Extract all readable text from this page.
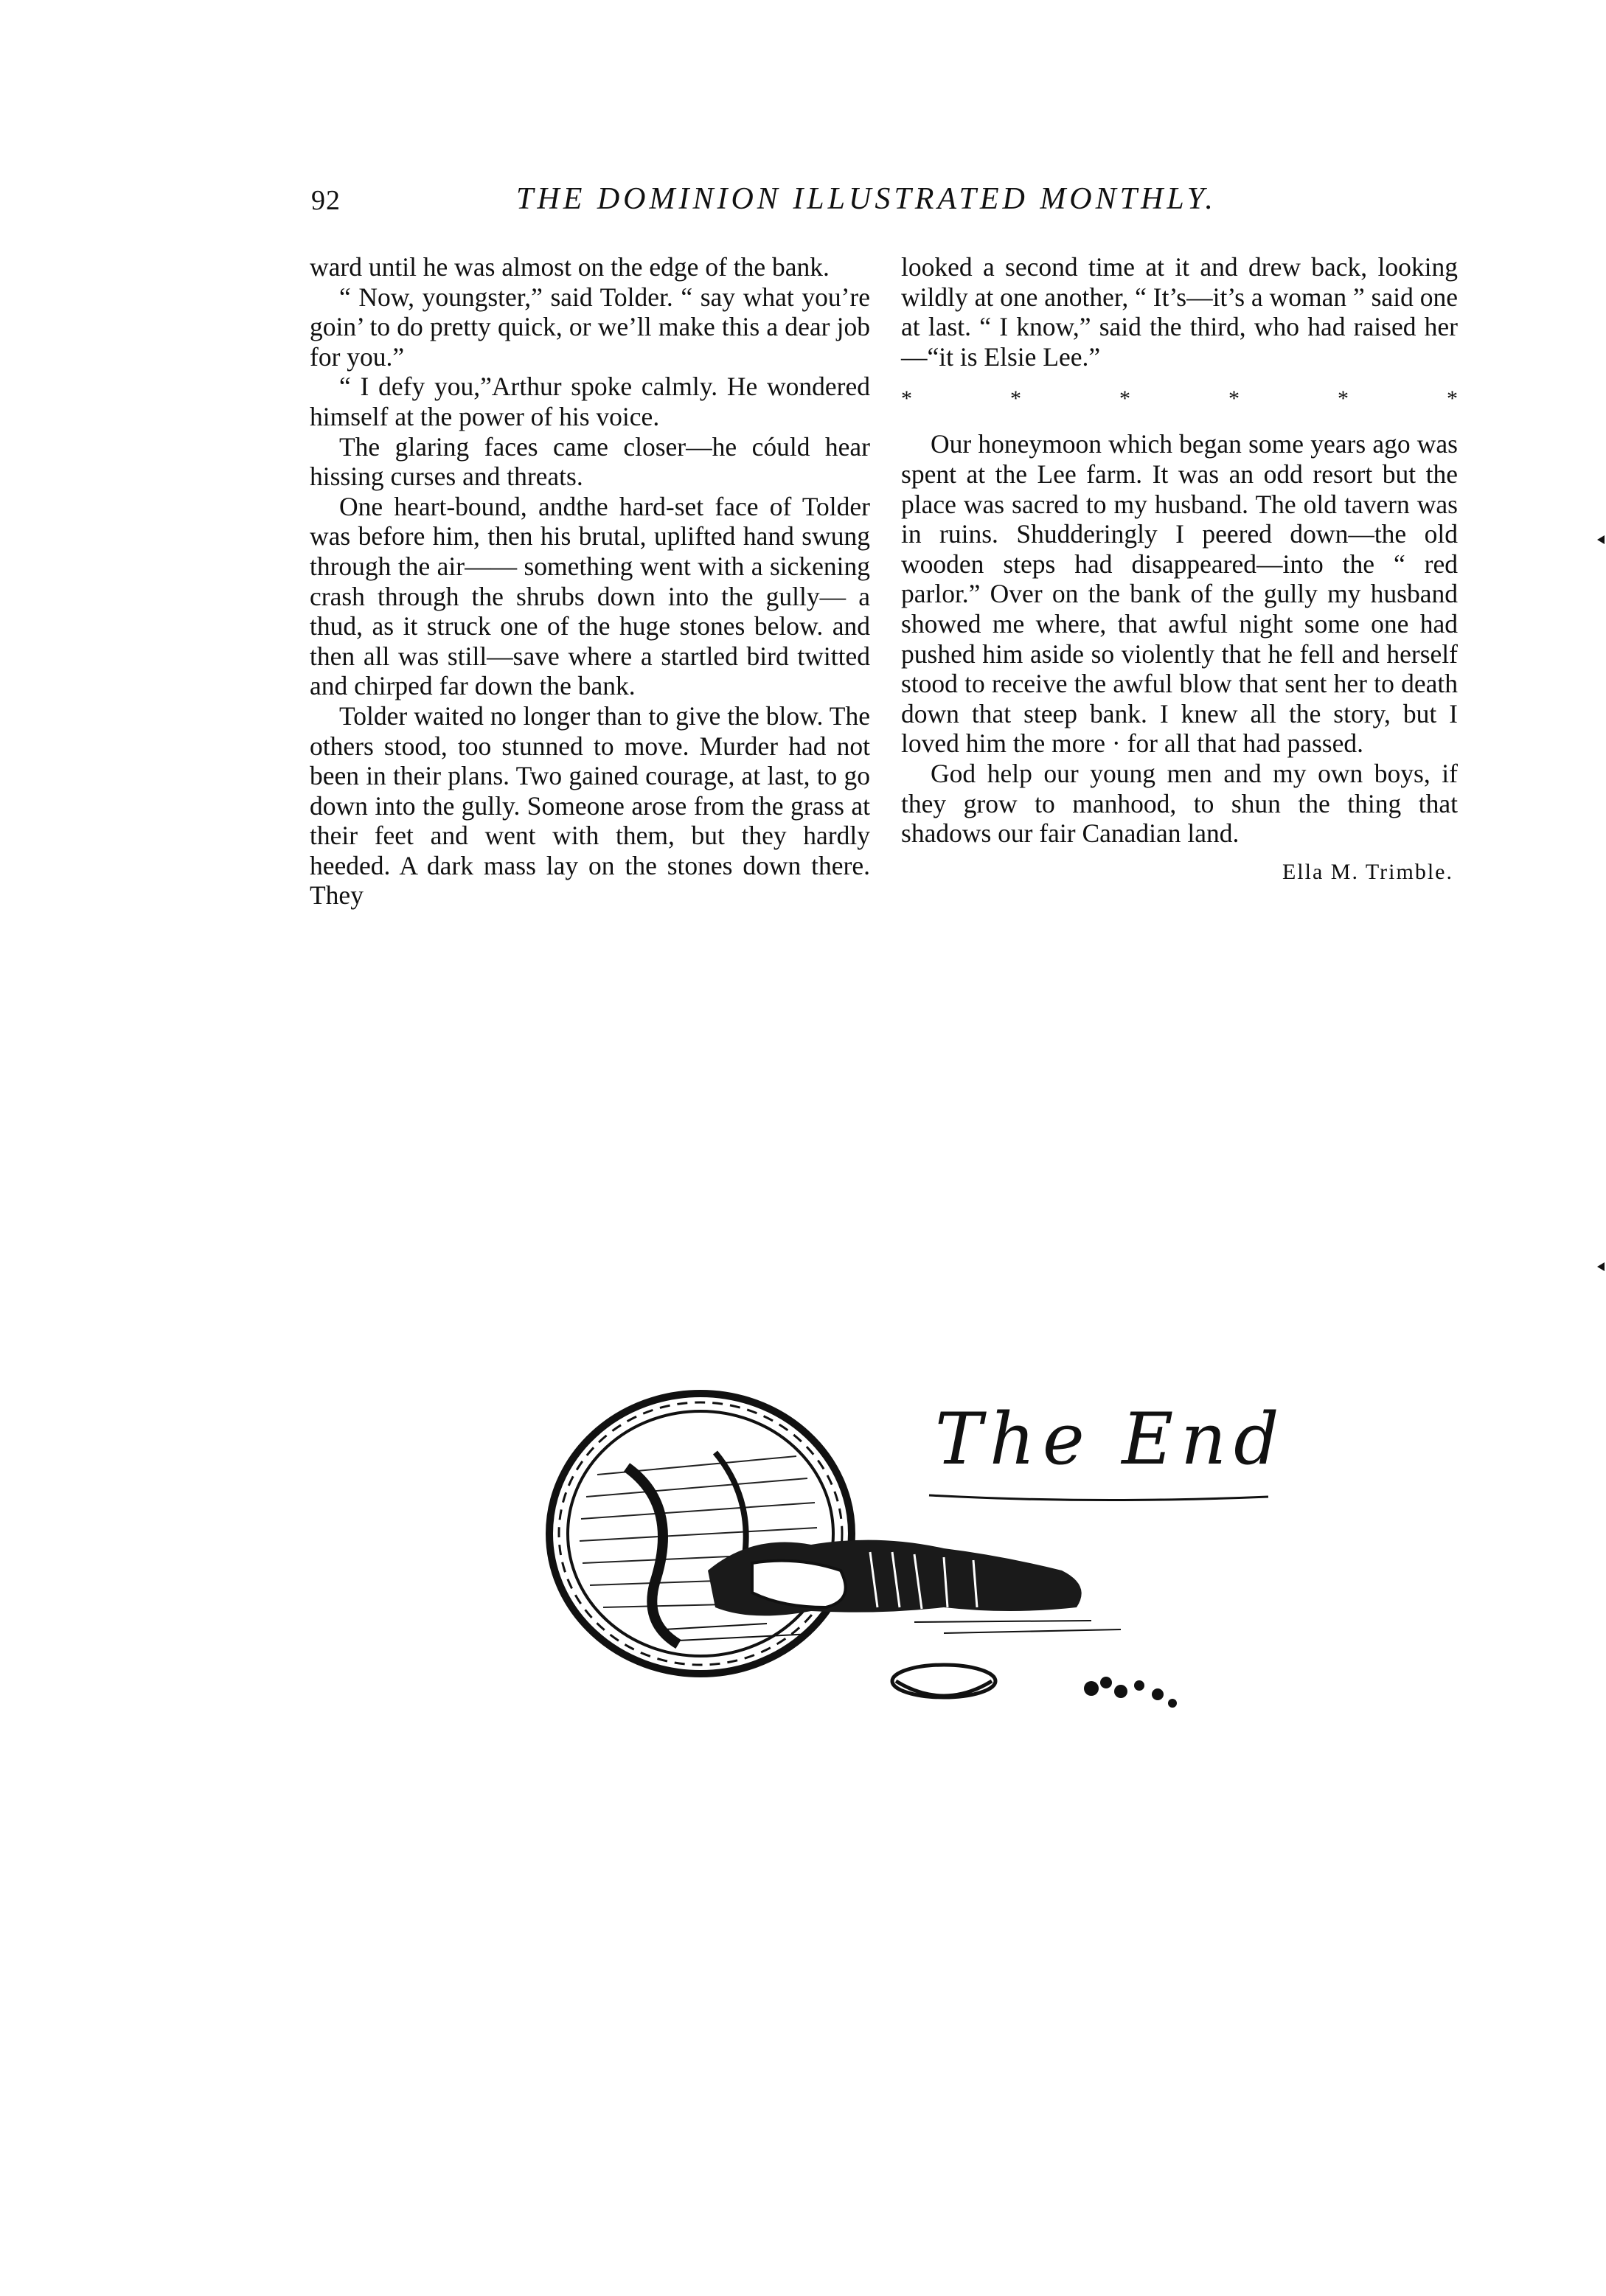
92	THE DOMINION ILLUSTRATED MONTHLY.

ward until he was almost on the edge of the bank.

“ Now, youngster,” said Tolder. “ say what you’re goin’ to do pretty quick, or we’ll make this a dear job for you.”

“ I defy you,”Arthur spoke calmly. He wondered himself at the power of his voice.

The glaring faces came closer—he cóuld hear hissing curses and threats.

One heart-bound, andthe hard-set face of Tolder was before him, then his brutal, uplifted hand swung through the air—— something went with a sickening crash through the shrubs down into the gully— a thud, as it struck one of the huge stones below. and then all was still—save where a startled bird twitted and chirped far down the bank.

Tolder waited no longer than to give the blow. The others stood, too stunned to move. Murder had not been in their plans. Two gained courage, at last, to go down into the gully. Someone arose from the grass at their feet and went with them, but they hardly heeded. A dark mass lay on the stones down there. They

looked a second time at it and drew back, looking wildly at one another, “ It’s—it’s a woman ” said one at last. “ I know,” said the third, who had raised her—“it is Elsie Lee.”

*	*	*	*	*	*

Our honeymoon which began some years ago was spent at the Lee farm. It was an odd resort but the place was sacred to my husband. The old tavern was in ruins. Shudderingly I peered down—the old wooden steps had disappeared—into the “ red parlor.” Over on the bank of the gully my husband showed me where, that awful night some one had pushed him aside so violently that he fell and herself stood to receive the awful blow that sent her to death down that steep bank. I knew all the story, but I loved him the more · for all that had passed.

God help our young men and my own boys, if they grow to manhood, to shun the thing that shadows our fair Canadian land.

Ella M. Trimble.
The End
